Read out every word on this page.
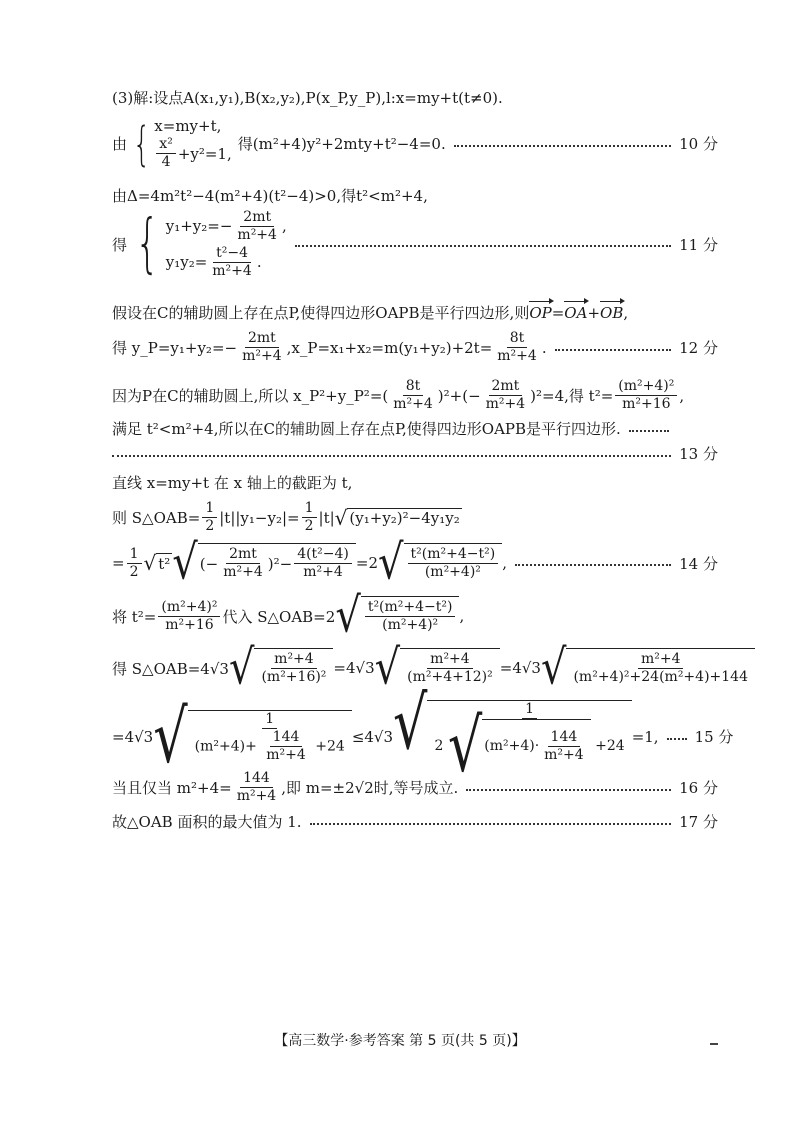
(3)解:设点A(x₁,y₁),B(x₂,y₂),P(x_P,y_P),l:x=my+t(t≠0).
由 { x=my+t,
$\frac{\text{x²}}{4} +y^2=1$,
得(m²+4)y²+2mty+t²−4=0.	10 分
由Δ=4m²t²−4(m²+4)(t²−4)>0,得t²<m²+4,
得 { $y_1+y_2=- \frac{2mt}{\text{m²+4}}$ ,
$y_1y_2= \frac{\text{t²−4}}{\text{m²+4}}$ .
11 分
假设在C的辅助圆上存在点P,使得四边形OAPB是平行四边形,则 OP = OA + OB ,
得 y_P=y₁+y₂=− $\frac{2mt}{\text{m²+4}}$ ,x_P=x₁+x₂=m(y₁+y₂)+2t= $\frac{8t}{\text{m²+4}}$ .	12 分
因为P在C的辅助圆上,所以 x_P²+y_P²=( $\frac{8t}{\text{m²+4}} )^2+(- \frac{2mt}{\text{m²+4}} )^2=4$,得 $t^2= \frac{\text{(m²+4)²}}{\text{m²+16}}$ ,
满足 t²<m²+4,所以在C的辅助圆上存在点P,使得四边形OAPB是平行四边形.
13 分
直线 x=my+t 在 x 轴上的截距为 t,
则 S△OAB= $\frac{1}{2} |t||y_1-y_2|= \frac{1}{2} |t|$ √ (y₁+y₂)²−4y₁y₂
= $\frac{1}{2}$ √ t² √ (− $\frac{2mt}{\text{m²+4}} )^2- \frac{\text{4(t²−4)}}{\text{m²+4}} =2$ √ $\frac{\text{t²(m²+4−t²)}}{\text{(m²+4)²}}$ ,	14 分
将 $t^2= \frac{\text{(m²+4)²}}{\text{m²+16}}$ 代入 S△OAB=2 √ $\frac{\text{t²(m²+4−t²)}}{\text{(m²+4)²}}$ ,
得 S△OAB=4√3 √ $\frac{\text{m²+4}}{\text{(m²+16)²}} =4√3$ √ $\frac{\text{m²+4}}{\text{(m²+4+12)²}} =4√3$ √ $\frac{\text{m²+4}}{\text{(m²+4)²+24(m²+4)+144}}$
=4√3 √ $\frac{1}{(m^2+4)+ \frac{144}{\text{m²+4}} +24} \le 4√3$ √	1
2 √ $(m^2+4)\cdot \frac{144}{\text{m²+4}} +24$
=1, 15 分
当且仅当 $m^2+4= \frac{144}{\text{m²+4}}$ ,即 m=±2√2时,等号成立.	16 分
故△OAB 面积的最大值为 1.	17 分
【高三数学·参考答案 第 5 页(共 5 页)】
